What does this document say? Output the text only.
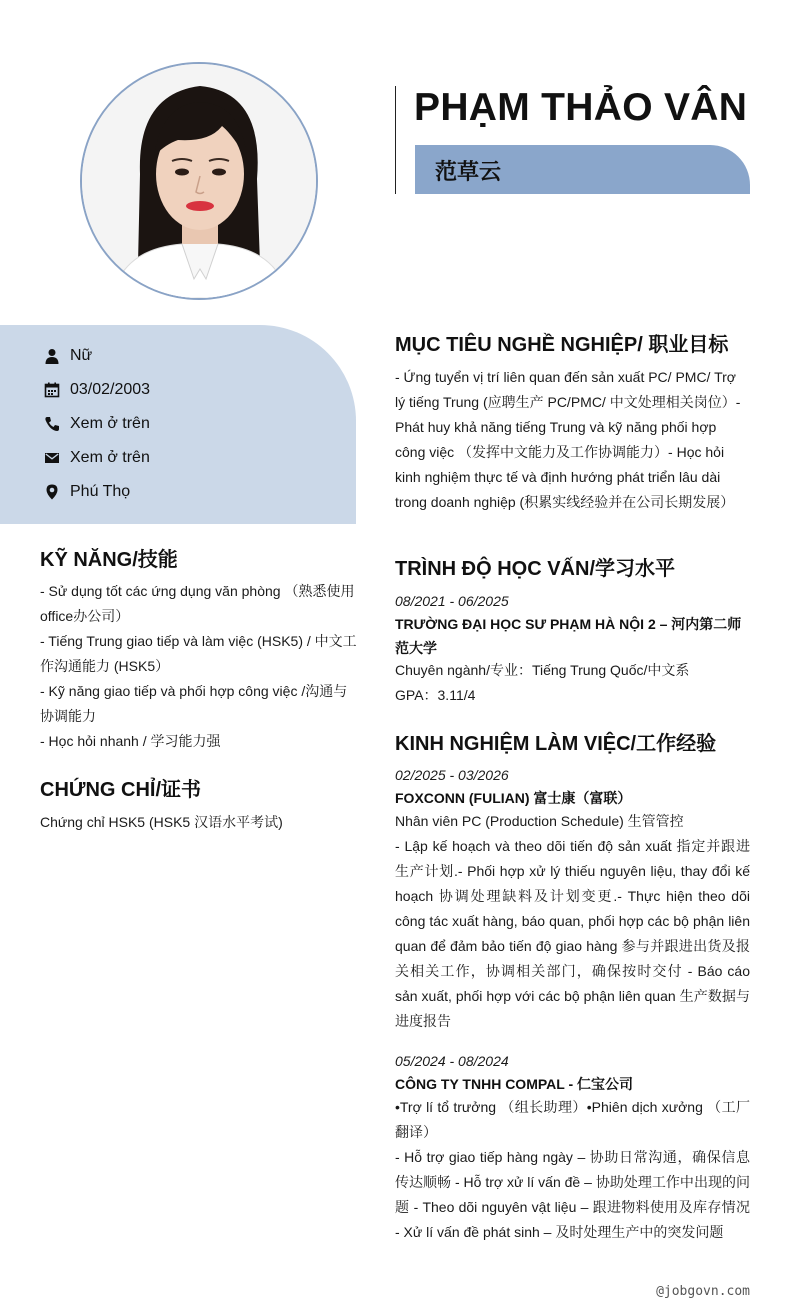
PHẠM THẢO VÂN
范草云
Nữ
03/02/2003
Xem ở trên
Xem ở trên
Phú Thọ
KỸ NĂNG/技能
- Sử dụng tốt các ứng dụng văn phòng （熟悉使用office办公司）
- Tiếng Trung giao tiếp và làm việc (HSK5) / 中文工作沟通能力 (HSK5）
- Kỹ năng giao tiếp và phối hợp công việc /沟通与协调能力
- Học hỏi nhanh / 学习能力强
CHỨNG CHỈ/证书
Chứng chỉ HSK5 (HSK5 汉语水平考试)
MỤC TIÊU NGHỀ NGHIỆP/ 职业目标
- Ứng tuyển vị trí liên quan đến sản xuất PC/ PMC/ Trợ lý tiếng Trung (应聘生产 PC/PMC/ 中文处理相关岗位）- Phát huy khả năng tiếng Trung và kỹ năng phối hợp công việc （发挥中文能力及工作协调能力）- Học hỏi kinh nghiệm thực tế và định hướng phát triển lâu dài trong doanh nghiệp (积累实线经验并在公司长期发展）
TRÌNH ĐỘ HỌC VẤN/学习水平
08/2021 - 06/2025
TRƯỜNG ĐẠI HỌC SƯ PHẠM HÀ NỘI 2 – 河内第二师范大学
Chuyên ngành/专业：Tiếng Trung Quốc/中文系
GPA：3.11/4
KINH NGHIỆM LÀM VIỆC/工作经验
02/2025 - 03/2026
FOXCONN (FULIAN) 富士康（富联）
Nhân viên PC (Production Schedule) 生管管控
- Lập kế hoạch và theo dõi tiến độ sản xuất 指定并跟进生产计划.- Phối hợp xử lý thiếu nguyên liệu, thay đổi kế hoạch 协调处理缺料及计划变更.- Thực hiện theo dõi công tác xuất hàng, báo quan, phối hợp các bộ phận liên quan để đảm bảo tiến độ giao hàng 参与并跟进出货及报关相关工作，协调相关部门，确保按时交付 - Báo cáo sản xuất, phối hợp với các bộ phận liên quan 生产数据与进度报告
05/2024 - 08/2024
CÔNG TY TNHH COMPAL - 仁宝公司
•Trợ lí tổ trưởng （组长助理）•Phiên dịch xưởng （工厂翻译）
- Hỗ trợ giao tiếp hàng ngày – 协助日常沟通，确保信息传达顺畅 - Hỗ trợ xử lí vấn đề – 协助处理工作中出现的问题 - Theo dõi nguyên vật liệu – 跟进物料使用及库存情况 - Xử lí vấn đề phát sinh – 及时处理生产中的突发问题
@jobgovn.com
